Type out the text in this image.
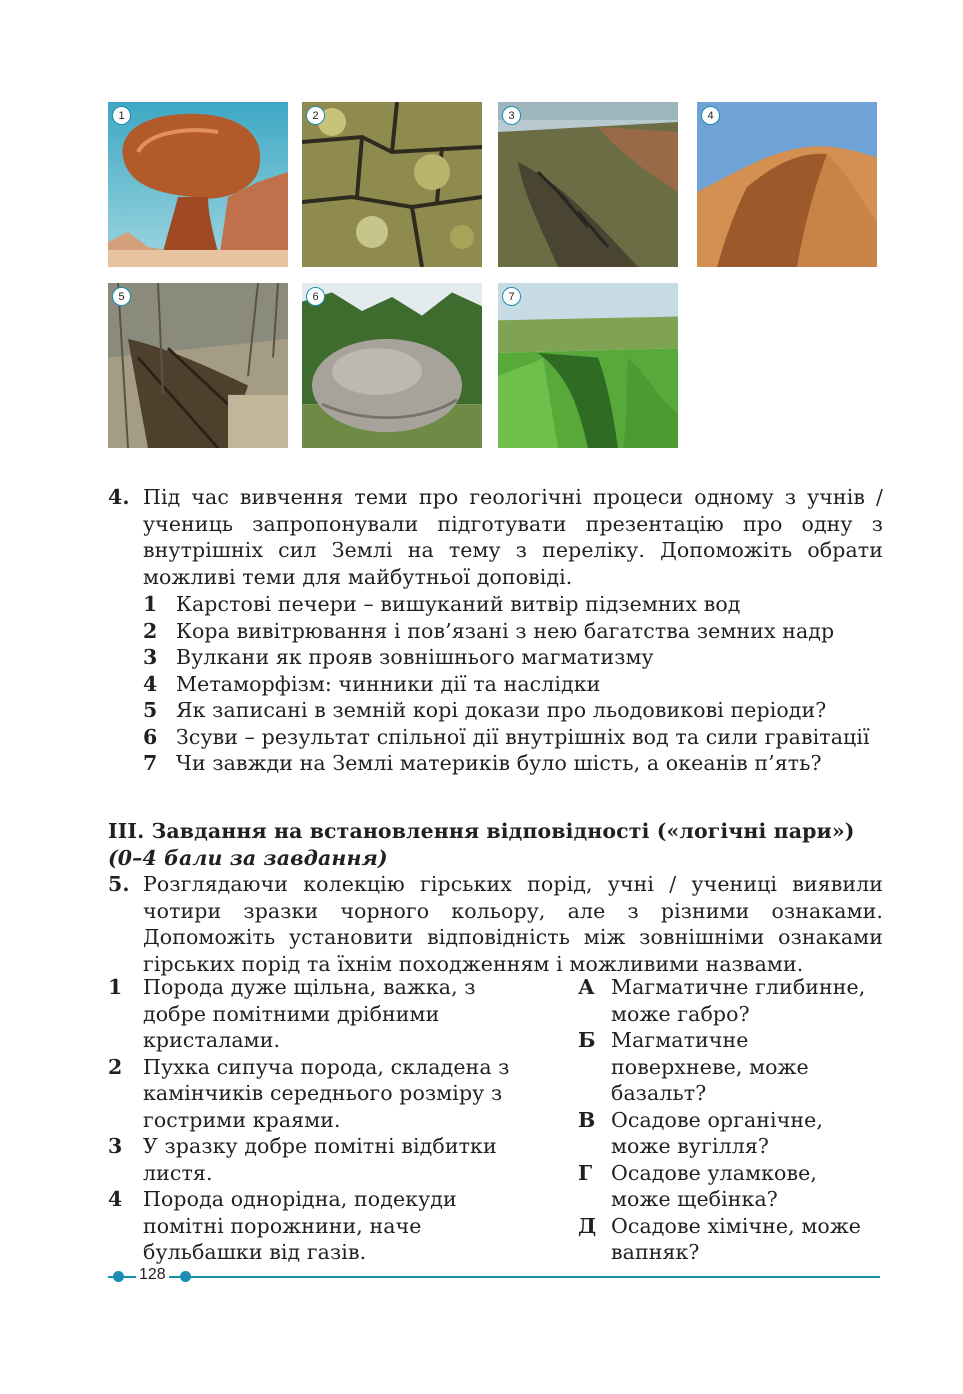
1	2	3	4
5	6	7
4. Під час вивчення теми про геологічні процеси одному з учнів / учениць запропонували підготувати презентацію про одну з внутрішніх сил Землі на тему з переліку. Допоможіть обрати можливі теми для майбутньої доповіді.
1 Карстові печери – вишуканий витвір підземних вод
2 Кора вивітрювання і пов’язані з нею багатства земних надр
3 Вулкани як прояв зовнішнього магматизму
4 Метаморфізм: чинники дії та наслідки
5 Як записані в земній корі докази про льодовикові періоди?
6 Зсуви – результат спільної дії внутрішніх вод та сили гравітації
7 Чи завжди на Землі материків було шість, а океанів п’ять?
III. Завдання на встановлення відповідності («логічні пари»)
(0–4 бали за завдання)
5. Розглядаючи колекцію гірських порід, учні / учениці виявили чотири зразки чорного кольору, але з різними ознаками. Допоможіть установити відповідність між зовнішніми ознаками гірських порід та їхнім походженням і можливими назвами.
1 Порода дуже щільна, важка, з добре помітними дрібними кристалами.
2 Пухка сипуча порода, складена з камінчиків середнього розміру з гострими краями.
3 У зразку добре помітні відбитки листя.
4 Порода однорідна, подекуди помітні порожнини, наче бульбашки від газів.
А Магматичне глибинне, може габро?
Б Магматичне поверхневе, може базальт?
В Осадове органічне, може вугілля?
Г Осадове уламкове, може щебінка?
Д Осадове хімічне, може вапняк?
128
